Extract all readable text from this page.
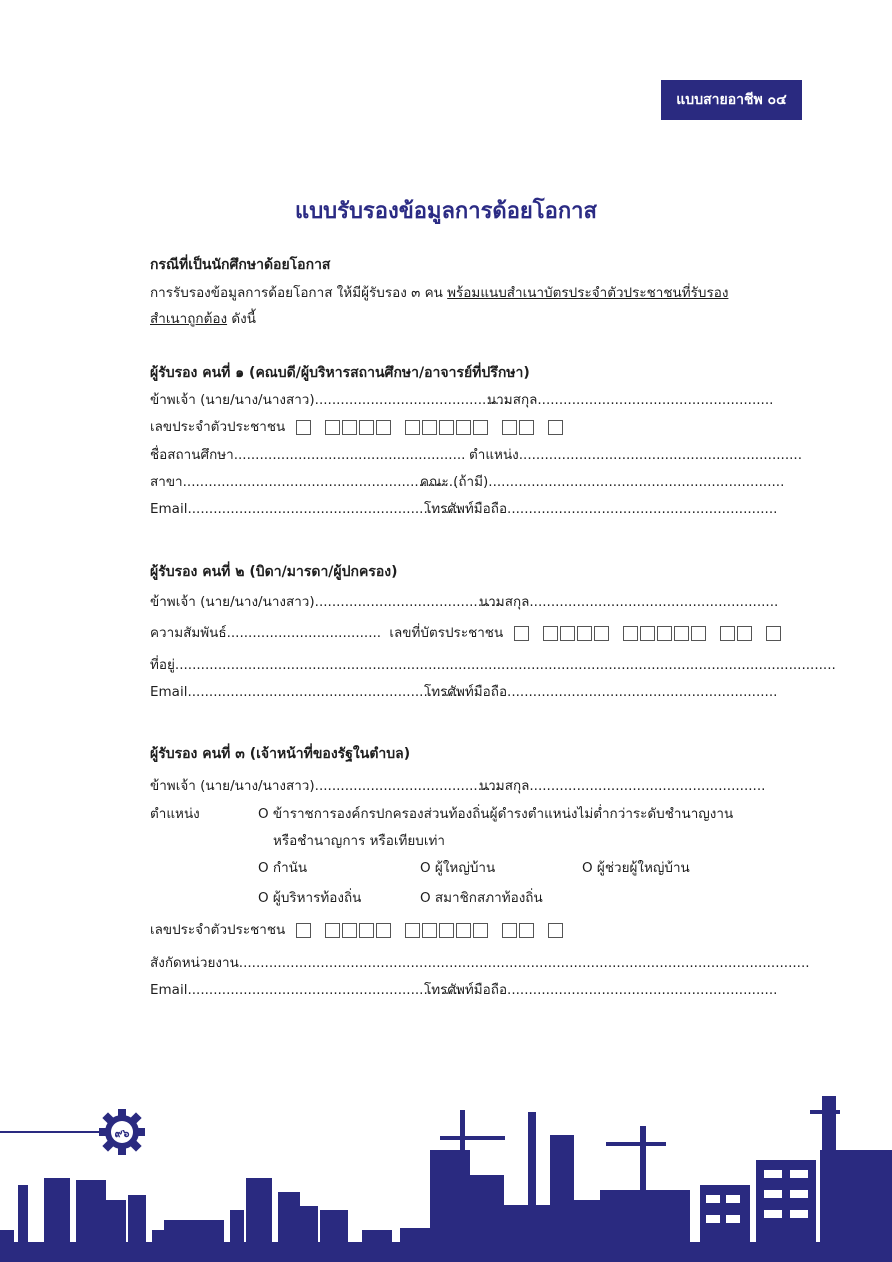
แบบสายอาชีพ ๐๔
แบบรับรองข้อมูลการด้อยโอกาส
กรณีที่เป็นนักศึกษาด้อยโอกาส
การรับรองข้อมูลการด้อยโอกาส ให้มีผู้รับรอง ๓ คน พร้อมแนบสำเนาบัตรประจำตัวประชาชนที่รับรอง
สำเนาถูกต้อง ดังนี้
ผู้รับรอง คนที่ ๑ (คณบดี/ผู้บริหารสถานศึกษา/อาจารย์ที่ปรึกษา)
ข้าพเจ้า (นาย/นาง/นางสาว)..............................................
นามสกุล.......................................................
เลขประจำตัวประชาชน
ชื่อสถานศึกษา...................................................... ตำแหน่ง..................................................................
สาขา................................................................
คณะ (ถ้ามี).....................................................................
Email................................................................
โทรศัพท์มือถือ...............................................................
ผู้รับรอง คนที่ ๒ (บิดา/มารดา/ผู้ปกครอง)
ข้าพเจ้า (นาย/นาง/นางสาว)............................................
นามสกุล..........................................................
ความสัมพันธ์.................................... เลขที่บัตรประชาชน
ที่อยู่..........................................................................................................................................................
Email................................................................
โทรศัพท์มือถือ...............................................................
ผู้รับรอง คนที่ ๓ (เจ้าหน้าที่ของรัฐในตำบล)
ข้าพเจ้า (นาย/นาง/นางสาว)............................................
นามสกุล.......................................................
ตำแหน่ง	O ข้าราชการองค์กรปกครองส่วนท้องถิ่นผู้ดำรงตำแหน่งไม่ต่ำกว่าระดับชำนาญงาน
หรือชำนาญการ หรือเทียบเท่า
O กำนัน	O ผู้ใหญ่บ้าน	O ผู้ช่วยผู้ใหญ่บ้าน
O ผู้บริหารท้องถิ่น	O สมาชิกสภาท้องถิ่น
เลขประจำตัวประชาชน
สังกัดหน่วยงาน.....................................................................................................................................
Email................................................................
โทรศัพท์มือถือ...............................................................
๙๖
